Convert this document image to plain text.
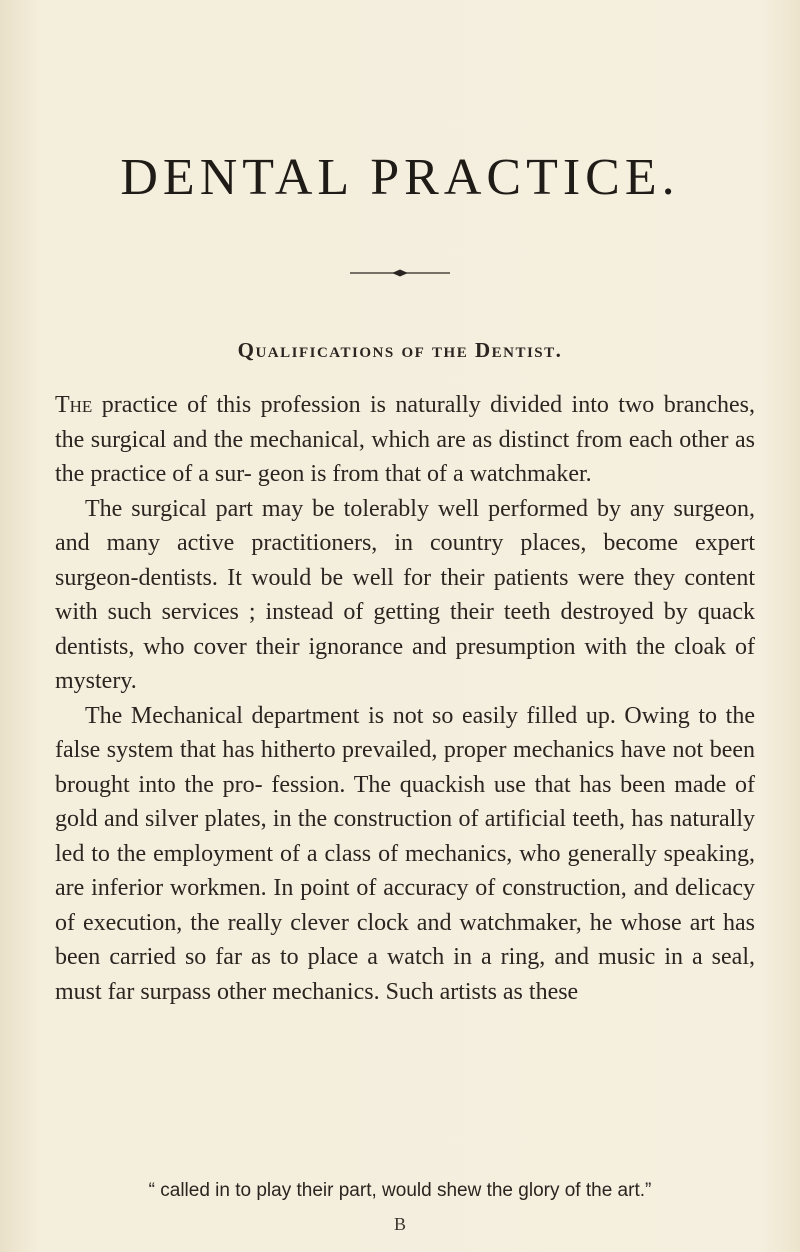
DENTAL PRACTICE.
Qualifications of the Dentist.

The practice of this profession is naturally divided into two branches, the surgical and the mechanical, which are as distinct from each other as the practice of a sur- geon is from that of a watchmaker.

The surgical part may be tolerably well performed by any surgeon, and many active practitioners, in country places, become expert surgeon-dentists. It would be well for their patients were they content with such services ; instead of getting their teeth destroyed by quack dentists, who cover their ignorance and presumption with the cloak of mystery.

The Mechanical department is not so easily filled up. Owing to the false system that has hitherto prevailed, proper mechanics have not been brought into the pro- fession. The quackish use that has been made of gold and silver plates, in the construction of artificial teeth, has naturally led to the employment of a class of mechanics, who generally speaking, are inferior workmen. In point of accuracy of construction, and delicacy of execution, the really clever clock and watchmaker, he whose art has been carried so far as to place a watch in a ring, and music in a seal, must far surpass other mechanics. Such artists as these

“ called in to play their part, would shew the glory of the art.”
B
